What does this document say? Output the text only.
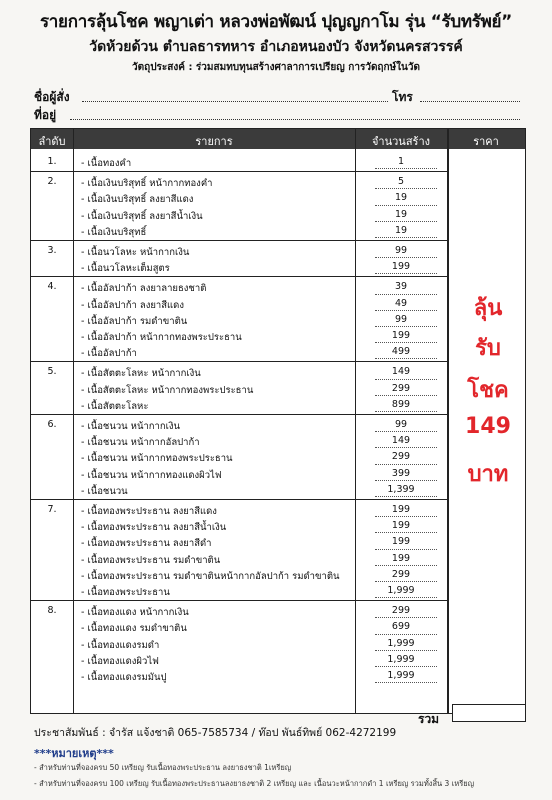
รายการลุ้นโชค พญาเต่า หลวงพ่อพัฒน์ ปุญญกาโม รุ่น “รับทรัพย์”
วัดห้วยด้วน ตำบลธารทหาร อำเภอหนองบัว จังหวัดนครสวรรค์
วัตถุประสงค์ : ร่วมสมทบทุนสร้างศาลาการเปรียญ การวัดฤกษ์ในวัด
ชื่อผู้สั่ง	โทร
ที่อยู่
ลำดับ	รายการ	จำนวนสร้าง	ราคา
1.	- เนื้อทองคำ	1
2.	- เนื้อเงินบริสุทธิ์ หน้ากากทองคำ	5
- เนื้อเงินบริสุทธิ์ ลงยาสีแดง	19
- เนื้อเงินบริสุทธิ์ ลงยาสีน้ำเงิน	19
- เนื้อเงินบริสุทธิ์	19
3.	- เนื้อนวโลหะ หน้ากากเงิน	99
- เนื้อนวโลหะเต็มสูตร	199
4.	- เนื้ออัลปาก้า ลงยาลายธงชาติ	39
- เนื้ออัลปาก้า ลงยาสีแดง	49
- เนื้ออัลปาก้า รมดำขาติน	99
- เนื้ออัลปาก้า หน้ากากทองพระประธาน	199
- เนื้ออัลปาก้า	499
5.	- เนื้อสัตตะโลหะ หน้ากากเงิน	149
- เนื้อสัตตะโลหะ หน้ากากทองพระประธาน	299
- เนื้อสัตตะโลหะ	899
6.	- เนื้อชนวน หน้ากากเงิน	99
- เนื้อชนวน หน้ากากอัลปาก้า	149
- เนื้อชนวน หน้ากากทองพระประธาน	299
- เนื้อชนวน หน้ากากทองแดงผิวไฟ	399
- เนื้อชนวน	1,399
7.	- เนื้อทองพระประธาน ลงยาสีแดง	199
- เนื้อทองพระประธาน ลงยาสีน้ำเงิน	199
- เนื้อทองพระประธาน ลงยาสีดำ	199
- เนื้อทองพระประธาน รมดำขาติน	199
- เนื้อทองพระประธาน รมดำขาตินหน้ากากอัลปาก้า รมดำขาติน	299
- เนื้อทองพระประธาน	1,999
8.	- เนื้อทองแดง หน้ากากเงิน	299
- เนื้อทองแดง รมดำขาติน	699
- เนื้อทองแดงรมดำ	1,999
- เนื้อทองแดงผิวไฟ	1,999
- เนื้อทองแดงรมมันปู	1,999
ลุ้น
รับ
โชค
149
บาท
รวม
ประชาสัมพันธ์ : จำรัส แจ้งชาติ 065-7585734 / ท๊อป พันธ์ทิพย์ 062-4272199
***หมายเหตุ***
- สำหรับท่านที่จองครบ 50 เหรียญ รับเนื้อทองพระประธาน ลงยาธงชาติ 1เหรียญ
- สำหรับท่านที่จองครบ 100 เหรียญ รับเนื้อทองพระประธานลงยาธงชาติ 2 เหรียญ และ เนื้อนวะหน้ากากดำ 1 เหรียญ รวมทั้งสิ้น 3 เหรียญ
